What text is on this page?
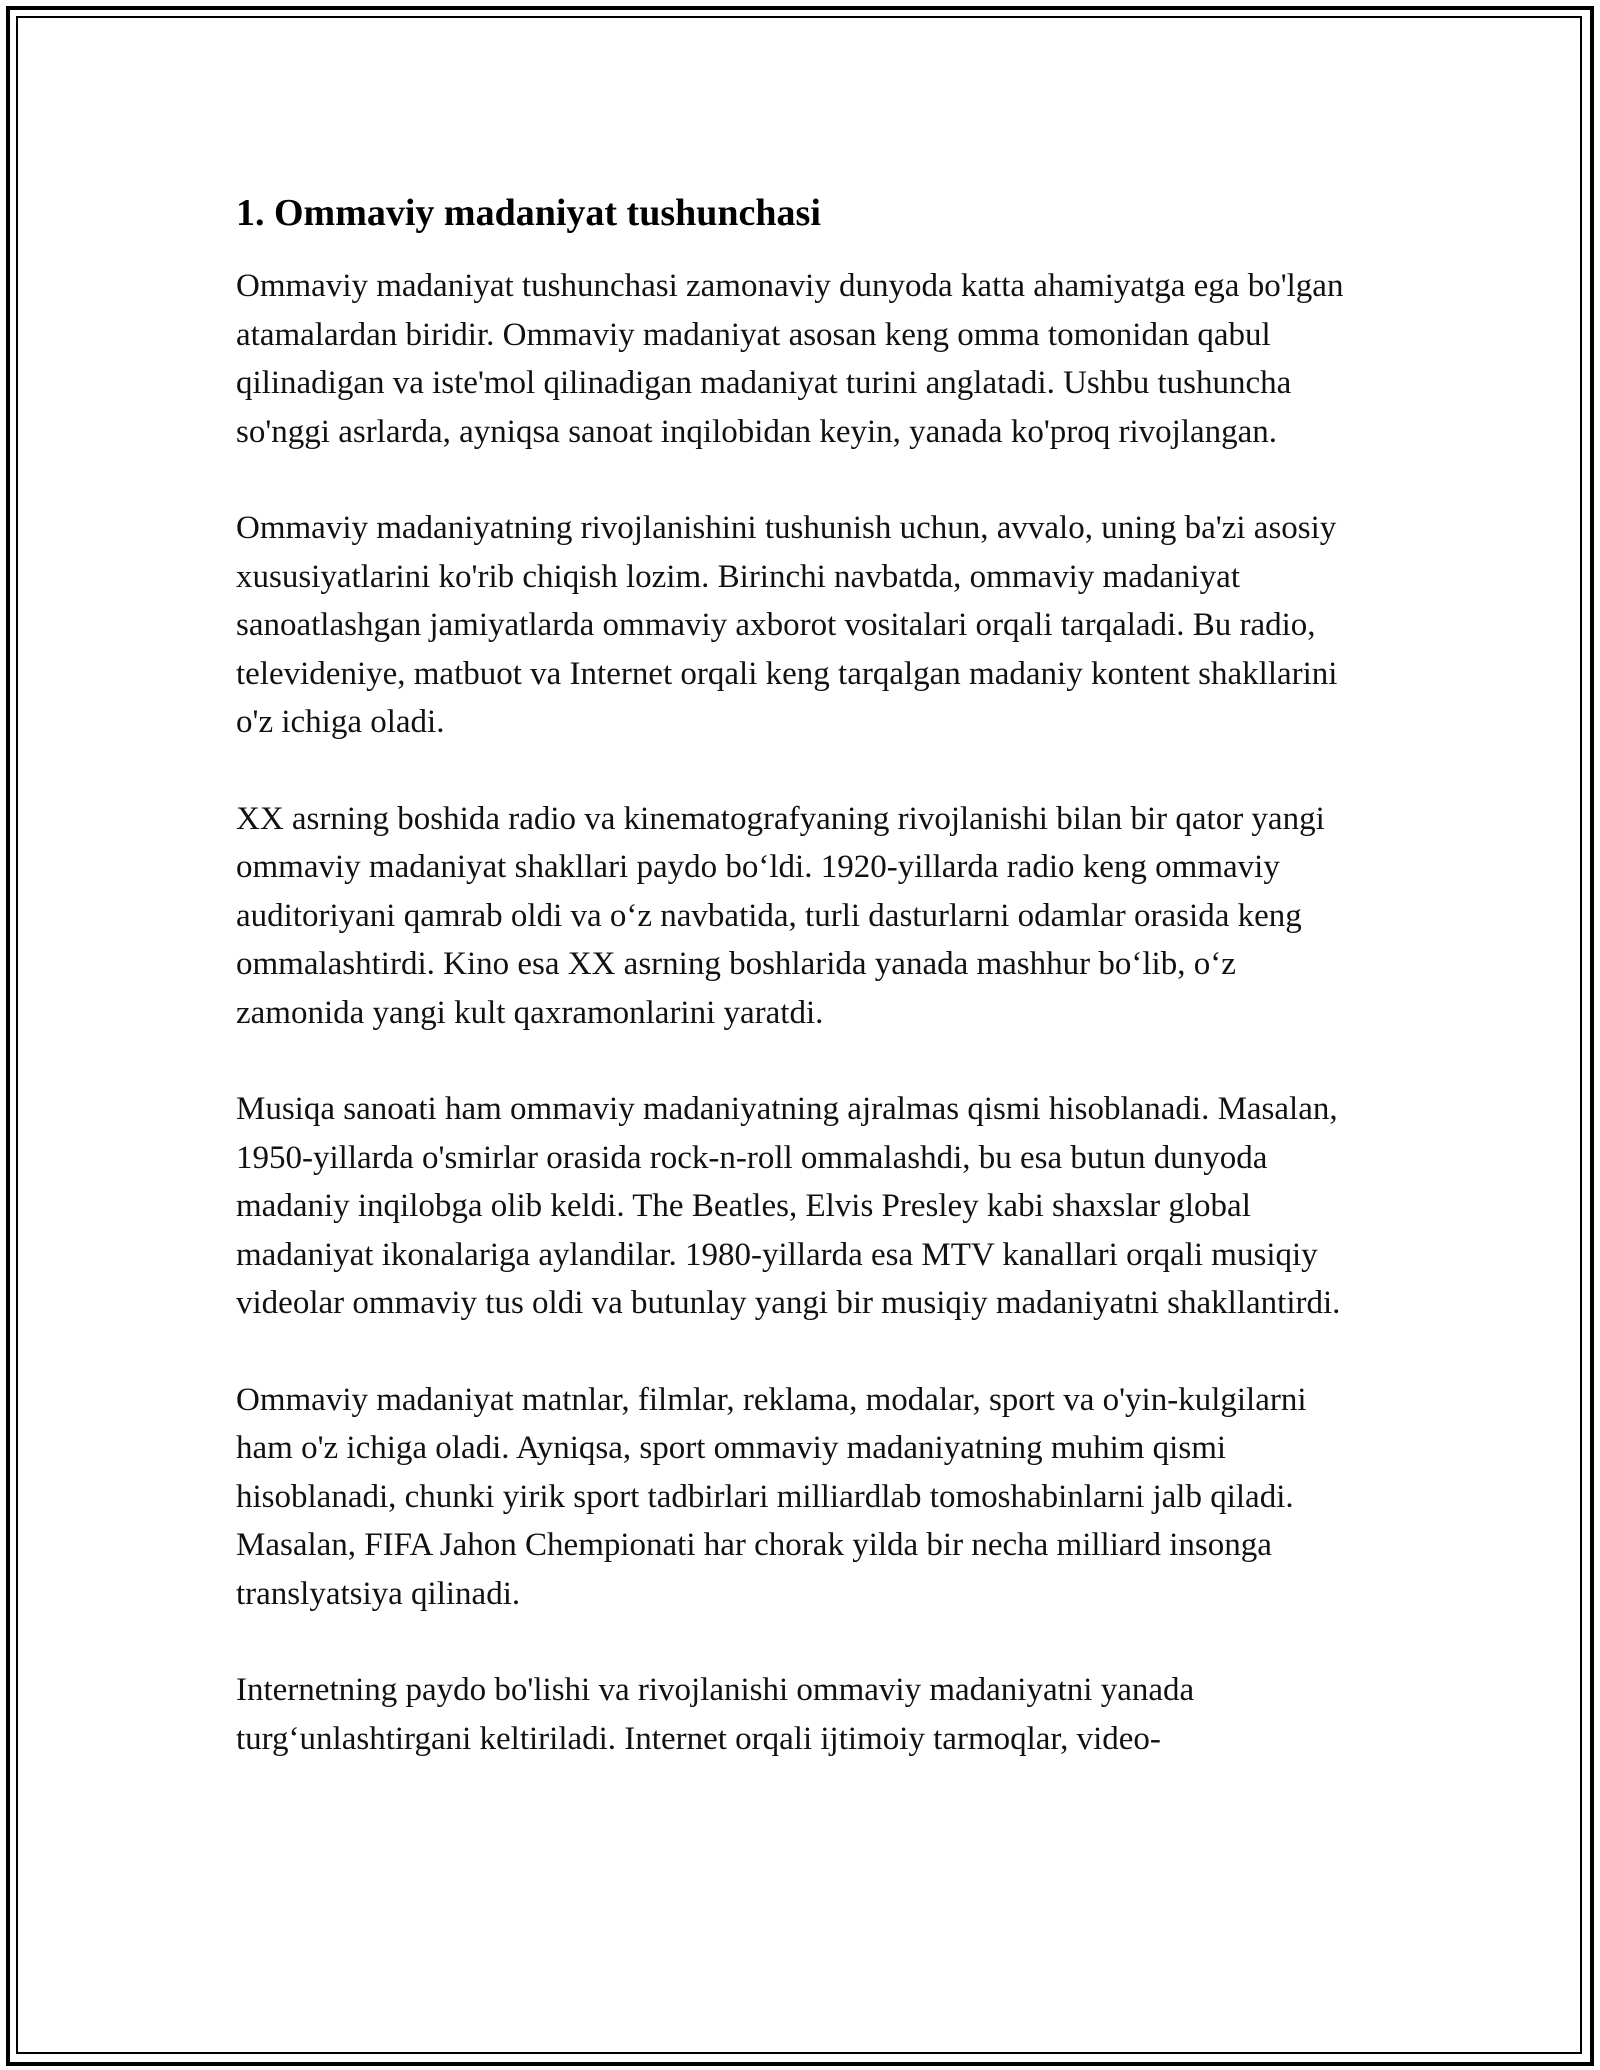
1. Ommaviy madaniyat tushunchasi

Ommaviy madaniyat tushunchasi zamonaviy dunyoda katta ahamiyatga ega bo'lgan atamalardan biridir. Ommaviy madaniyat asosan keng omma tomonidan qabul qilinadigan va iste'mol qilinadigan madaniyat turini anglatadi. Ushbu tushuncha so'nggi asrlarda, ayniqsa sanoat inqilobidan keyin, yanada ko'proq rivojlangan.

Ommaviy madaniyatning rivojlanishini tushunish uchun, avvalo, uning ba'zi asosiy xususiyatlarini ko'rib chiqish lozim. Birinchi navbatda, ommaviy madaniyat sanoatlashgan jamiyatlarda ommaviy axborot vositalari orqali tarqaladi. Bu radio, televideniye, matbuot va Internet orqali keng tarqalgan madaniy kontent shakllarini o'z ichiga oladi.

XX asrning boshida radio va kinematografyaning rivojlanishi bilan bir qator yangi ommaviy madaniyat shakllari paydo bo‘ldi. 1920-yillarda radio keng ommaviy auditoriyani qamrab oldi va o‘z navbatida, turli dasturlarni odamlar orasida keng ommalashtirdi. Kino esa XX asrning boshlarida yanada mashhur bo‘lib, o‘z zamonida yangi kult qaxramonlarini yaratdi.

Musiqa sanoati ham ommaviy madaniyatning ajralmas qismi hisoblanadi. Masalan, 1950-yillarda o'smirlar orasida rock-n-roll ommalashdi, bu esa butun dunyoda madaniy inqilobga olib keldi. The Beatles, Elvis Presley kabi shaxslar global madaniyat ikonalariga aylandilar. 1980-yillarda esa MTV kanallari orqali musiqiy videolar ommaviy tus oldi va butunlay yangi bir musiqiy madaniyatni shakllantirdi.

Ommaviy madaniyat matnlar, filmlar, reklama, modalar, sport va o'yin-kulgilarni ham o'z ichiga oladi. Ayniqsa, sport ommaviy madaniyatning muhim qismi hisoblanadi, chunki yirik sport tadbirlari milliardlab tomoshabinlarni jalb qiladi. Masalan, FIFA Jahon Chempionati har chorak yilda bir necha milliard insonga translyatsiya qilinadi.

Internetning paydo bo'lishi va rivojlanishi ommaviy madaniyatni yanada turg‘unlashtirgani keltiriladi. Internet orqali ijtimoiy tarmoqlar, video-
